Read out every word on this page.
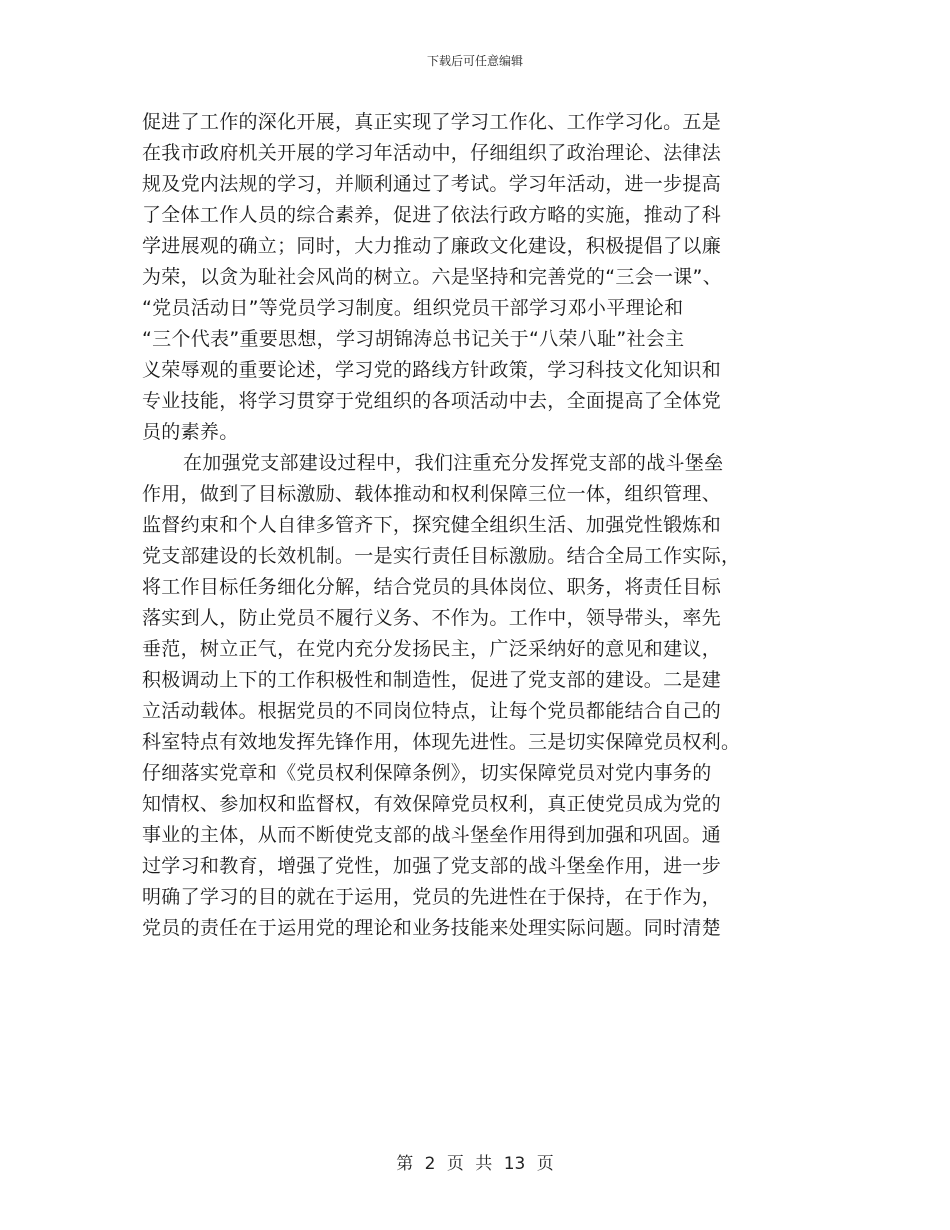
下载后可任意编辑
促进了工作的深化开展，真正实现了学习工作化、工作学习化。五是
在我市政府机关开展的学习年活动中，仔细组织了政治理论、法律法
规及党内法规的学习，并顺利通过了考试。学习年活动，进一步提高
了全体工作人员的综合素养，促进了依法行政方略的实施，推动了科
学进展观的确立；同时，大力推动了廉政文化建设，积极提倡了以廉
为荣，以贪为耻社会风尚的树立。六是坚持和完善党的“三会一课”、
“党员活动日”等党员学习制度。组织党员干部学习邓小平理论和
“三个代表”重要思想，学习胡锦涛总书记关于“八荣八耻”社会主
义荣辱观的重要论述，学习党的路线方针政策，学习科技文化知识和
专业技能，将学习贯穿于党组织的各项活动中去，全面提高了全体党
员的素养。
在加强党支部建设过程中，我们注重充分发挥党支部的战斗堡垒
作用，做到了目标激励、载体推动和权利保障三位一体，组织管理、
监督约束和个人自律多管齐下，探究健全组织生活、加强党性锻炼和
党支部建设的长效机制。一是实行责任目标激励。结合全局工作实际，
将工作目标任务细化分解，结合党员的具体岗位、职务，将责任目标
落实到人，防止党员不履行义务、不作为。工作中，领导带头，率先
垂范，树立正气，在党内充分发扬民主，广泛采纳好的意见和建议，
积极调动上下的工作积极性和制造性，促进了党支部的建设。二是建
立活动载体。根据党员的不同岗位特点，让每个党员都能结合自己的
科室特点有效地发挥先锋作用，体现先进性。三是切实保障党员权利。
仔细落实党章和《党员权利保障条例》，切实保障党员对党内事务的
知情权、参加权和监督权，有效保障党员权利，真正使党员成为党的
事业的主体，从而不断使党支部的战斗堡垒作用得到加强和巩固。通
过学习和教育，增强了党性，加强了党支部的战斗堡垒作用，进一步
明确了学习的目的就在于运用，党员的先进性在于保持，在于作为，
党员的责任在于运用党的理论和业务技能来处理实际问题。同时清楚
第 2 页 共 13 页
